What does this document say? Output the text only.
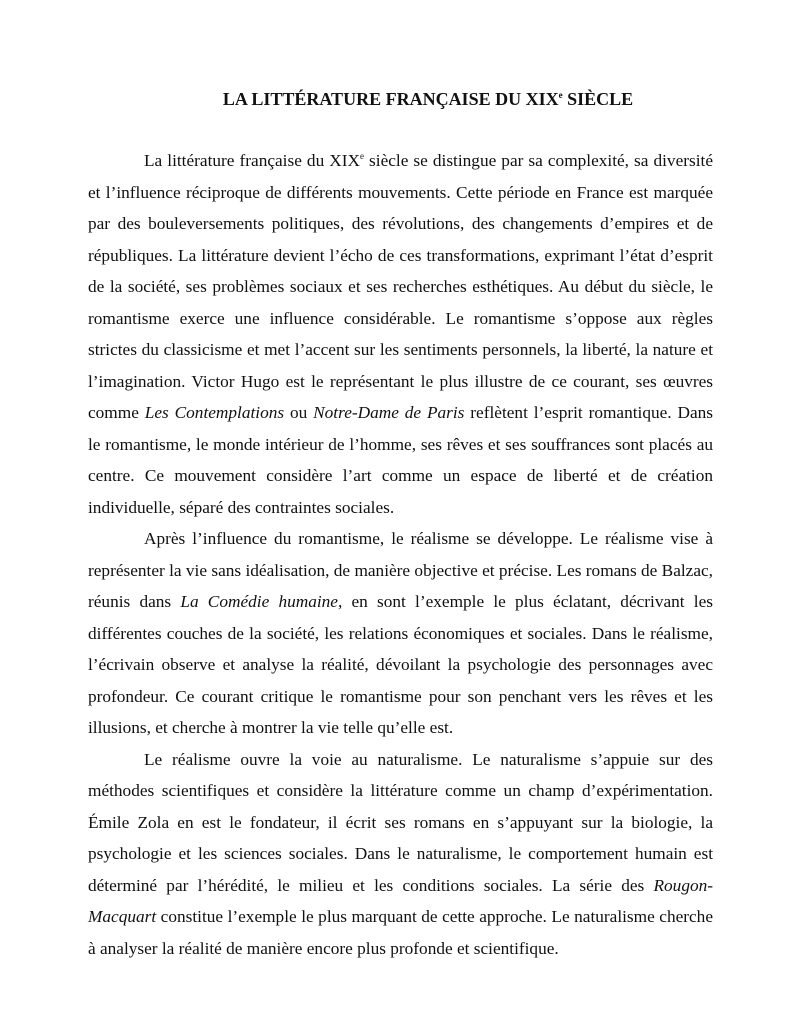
LA LITTÉRATURE FRANÇAISE DU XIXe SIÈCLE

La littérature française du XIXe siècle se distingue par sa complexité, sa diversité et l’influence réciproque de différents mouvements. Cette période en France est marquée par des bouleversements politiques, des révolutions, des changements d’empires et de républiques. La littérature devient l’écho de ces transformations, exprimant l’état d’esprit de la société, ses problèmes sociaux et ses recherches esthétiques. Au début du siècle, le romantisme exerce une influence considérable. Le romantisme s’oppose aux règles strictes du classicisme et met l’accent sur les sentiments personnels, la liberté, la nature et l’imagination. Victor Hugo est le représentant le plus illustre de ce courant, ses œuvres comme Les Contemplations ou Notre-Dame de Paris reflètent l’esprit romantique. Dans le romantisme, le monde intérieur de l’homme, ses rêves et ses souffrances sont placés au centre. Ce mouvement considère l’art comme un espace de liberté et de création individuelle, séparé des contraintes sociales.

Après l’influence du romantisme, le réalisme se développe. Le réalisme vise à représenter la vie sans idéalisation, de manière objective et précise. Les romans de Balzac, réunis dans La Comédie humaine, en sont l’exemple le plus éclatant, décrivant les différentes couches de la société, les relations économiques et sociales. Dans le réalisme, l’écrivain observe et analyse la réalité, dévoilant la psychologie des personnages avec profondeur. Ce courant critique le romantisme pour son penchant vers les rêves et les illusions, et cherche à montrer la vie telle qu’elle est.

Le réalisme ouvre la voie au naturalisme. Le naturalisme s’appuie sur des méthodes scientifiques et considère la littérature comme un champ d’expérimentation. Émile Zola en est le fondateur, il écrit ses romans en s’appuyant sur la biologie, la psychologie et les sciences sociales. Dans le naturalisme, le comportement humain est déterminé par l’hérédité, le milieu et les conditions sociales. La série des Rougon-Macquart constitue l’exemple le plus marquant de cette approche. Le naturalisme cherche à analyser la réalité de manière encore plus profonde et scientifique.
